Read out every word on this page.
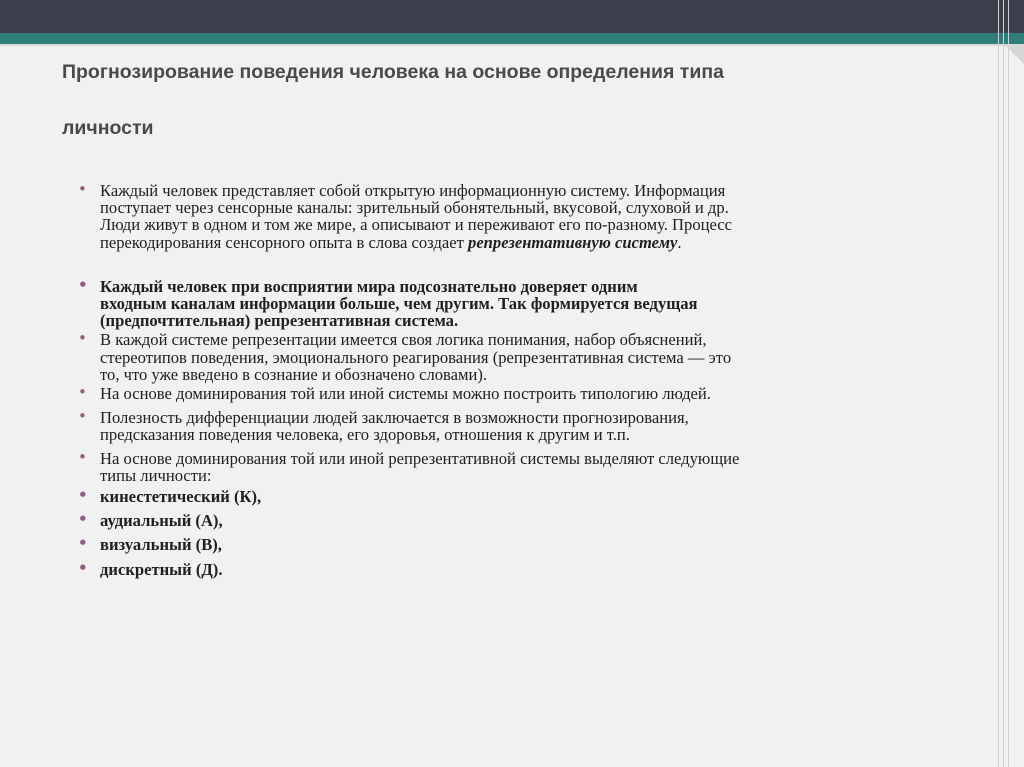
Прогнозирование поведения человека на основе определения типа
личности
• Каждый человек представляет собой открытую информационную систему. Информация

поступает через сенсорные каналы: зрительный обонятельный, вкусовой, слуховой и др.

Люди живут в одном и том же мире, а описывают и переживают его по-разному. Процесс

перекодирования сенсорного опыта в слова создает репрезентативную систему.

• Каждый человек при восприятии мира подсознательно доверяет одним

входным каналам информации больше, чем другим. Так формируется ведущая

(предпочтительная) репрезентативная система.

• В каждой системе репрезентации имеется своя логика понимания, набор объяснений,

стереотипов поведения, эмоционального реагирования (репрезентативная система — это

то, что уже введено в сознание и обозначено словами).

• На основе доминирования той или иной системы можно построить типологию людей.

• Полезность дифференциации людей заключается в возможности прогнозирования,

предсказания поведения человека, его здоровья, отношения к другим и т.п.

• На основе доминирования той или иной репрезентативной системы выделяют следующие

типы личности:

• кинестетический (К),

• аудиальный (А),

• визуальный (В),

• дискретный (Д).
